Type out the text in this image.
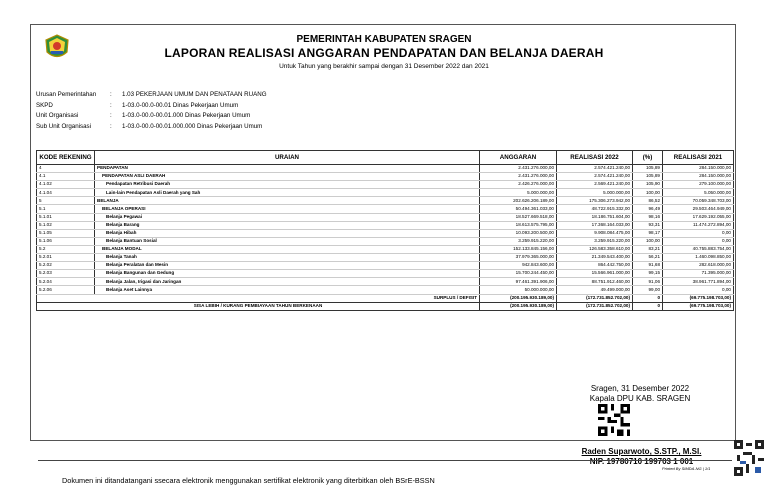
PEMERINTAH KABUPATEN SRAGEN
LAPORAN REALISASI ANGGARAN PENDAPATAN DAN BELANJA DAERAH
Untuk Tahun yang berakhir sampai dengan 31 Desember 2022 dan 2021
Urusan Pemerintahan	:	1.03 PEKERJAAN UMUM DAN PENATAAN RUANG
SKPD	:	1-03.0-00.0-00.01 Dinas Pekerjaan Umum
Unit Organisasi	:	1-03.0-00.0-00.01.000 Dinas Pekerjaan Umum
Sub Unit Organisasi	:	1-03.0-00.0-00.01.000.000 Dinas Pekerjaan Umum
KODE REKENING	URAIAN	ANGGARAN	REALISASI 2022	(%)	REALISASI 2021
4	PENDAPATAN	2.431.276.000,00	2.574.421.240,00	105,89	284.150.000,00
4.1	PENDAPATAN ASLI DAERAH	2.431.276.000,00	2.574.421.240,00	105,89	284.150.000,00
4.1.02	Pendapatan Retribusi Daerah	2.426.276.000,00	2.569.421.240,00	105,90	279.100.000,00
4.1.04	Lain-lain Pendapatan Asli Daerah yang Sah	5.000.000,00	5.000.000,00	100,00	5.050.000,00
5	BELANJA	202.626.206.189,00	175.306.273.942,00	86,52	70.059.348.703,00
5.1	BELANJA OPERASI	50.494.361.033,00	48.722.915.332,00	96,49	29.503.464.949,00
5.1.01	Belanja Pegawai	18.527.669.518,00	18.186.751.604,00	98,16	17.629.192.055,00
5.1.02	Belanja Barang	18.613.575.795,00	17.368.164.033,00	93,31	11.474.272.894,00
5.1.05	Belanja Hibah	10.093.200.500,00	9.908.084.475,00	98,17	0,00
5.1.06	Belanja Bantuan Sosial	3.259.915.220,00	3.259.915.220,00	100,00	0,00
5.2	BELANJA MODAL	152.133.845.156,00	126.583.358.610,00	83,21	40.755.883.754,00
5.2.01	Belanja Tanah	37.979.365.000,00	21.349.543.400,00	56,21	1.460.098.850,00
5.2.02	Belanja Peralatan dan Mesin	942.843.600,00	864.442.750,00	91,68	282.618.000,00
5.2.03	Belanja Bangunan dan Gedung	15.700.244.450,00	15.566.961.000,00	99,15	71.395.000,00
5.2.04	Belanja Jalan, Irigasi dan Jaringan	97.461.391.906,00	88.751.912.460,00	91,06	38.961.771.894,00
5.2.06	Belanja Aset Lainnya	50.000.000,00	49.499.000,00	99,00	0,00
SURPLUS / DEFISIT		(200.195.930.189,00)	(172.731.852.702,00)	0	(69.775.198.703,00)
SISA LEBIH / KURANG PEMBIAYAAN TAHUN BERKENAAN		(200.195.930.189,00)	(172.731.852.702,00)	0	(69.775.198.703,00)
Sragen, 31 Desember 2022
Kapala DPU KAB. SRAGEN
Raden Suparwoto, S.STP., M.SI.
NIP. 19780710 199703 1 001
Printed By SIMDA-NG | 1/1
Dokumen ini ditandatangani ssecara elektronik menggunakan sertifikat elektronik yang diterbitkan oleh BSrE-BSSN
